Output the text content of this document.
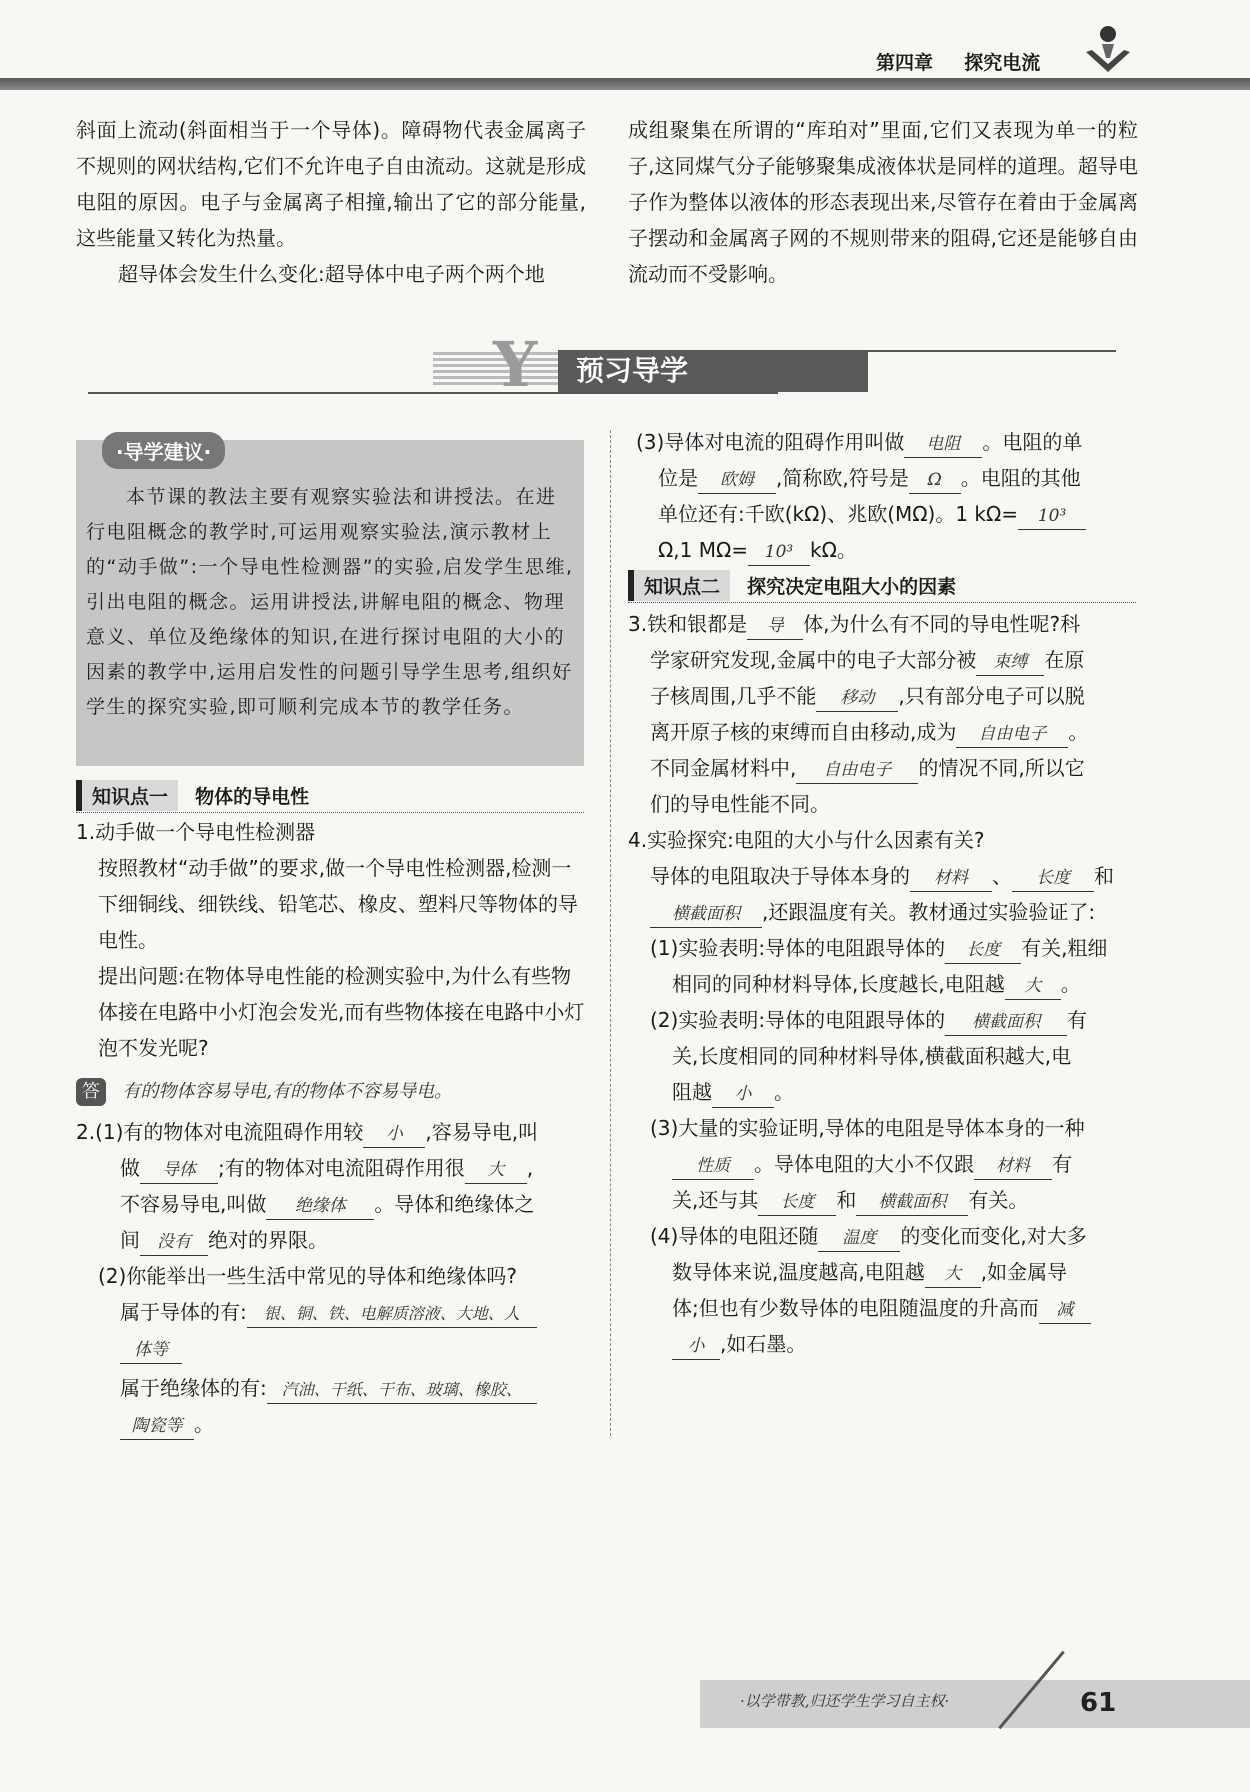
第四章 探究电流
斜面上流动(斜面相当于一个导体)。障碍物代表金属离子不规则的网状结构,它们不允许电子自由流动。这就是形成电阻的原因。电子与金属离子相撞,输出了它的部分能量,这些能量又转化为热量。
超导体会发生什么变化:超导体中电子两个两个地
成组聚集在所谓的“库珀对”里面,它们又表现为单一的粒子,这同煤气分子能够聚集成液体状是同样的道理。超导电子作为整体以液体的形态表现出来,尽管存在着由于金属离子摆动和金属离子网的不规则带来的阻碍,它还是能够自由流动而不受影响。
Y	预习导学
·导学建议·
本节课的教法主要有观察实验法和讲授法。在进行电阻概念的教学时,可运用观察实验法,演示教材上的“动手做”:一个导电性检测器”的实验,启发学生思维,引出电阻的概念。运用讲授法,讲解电阻的概念、物理意义、单位及绝缘体的知识,在进行探讨电阻的大小的因素的教学中,运用启发性的问题引导学生思考,组织好学生的探究实验,即可顺利完成本节的教学任务。
知识点一 物体的导电性
1.动手做一个导电性检测器
按照教材“动手做”的要求,做一个导电性检测器,检测一下细铜线、细铁线、铅笔芯、橡皮、塑料尺等物体的导电性。
提出问题:在物体导电性能的检测实验中,为什么有些物体接在电路中小灯泡会发光,而有些物体接在电路中小灯泡不发光呢?
答 有的物体容易导电,有的物体不容易导电。
2.(1)有的物体对电流阻碍作用较 小 ,容易导电,叫
做 导体 ;有的物体对电流阻碍作用很 大 ,
不容易导电,叫做 绝缘体 。导体和绝缘体之
间 没有 绝对的界限。
(2)你能举出一些生活中常见的导体和绝缘体吗?
属于导体的有: 银、铜、铁、电解质溶液、大地、人
体等
属于绝缘体的有: 汽油、干纸、干布、玻璃、橡胶、
陶瓷等 。
(3)导体对电流的阻碍作用叫做 电阻 。电阻的单
位是 欧姆 ,简称欧,符号是 Ω 。电阻的其他
单位还有:千欧(kΩ)、兆欧(MΩ)。1 kΩ= 10³
Ω,1 MΩ= 10³ kΩ。
知识点二 探究决定电阻大小的因素
3.铁和银都是 导 体,为什么有不同的导电性呢?科
学家研究发现,金属中的电子大部分被 束缚 在原
子核周围,几乎不能 移动 ,只有部分电子可以脱
离开原子核的束缚而自由移动,成为 自由电子 。
不同金属材料中, 自由电子 的情况不同,所以它
们的导电性能不同。
4.实验探究:电阻的大小与什么因素有关?
导体的电阻取决于导体本身的 材料 、 长度 和
横截面积 ,还跟温度有关。教材通过实验验证了:
(1)实验表明:导体的电阻跟导体的 长度 有关,粗细
相同的同种材料导体,长度越长,电阻越 大 。
(2)实验表明:导体的电阻跟导体的 横截面积 有
关,长度相同的同种材料导体,横截面积越大,电
阻越 小 。
(3)大量的实验证明,导体的电阻是导体本身的一种
性质 。导体电阻的大小不仅跟 材料 有
关,还与其 长度 和 横截面积 有关。
(4)导体的电阻还随 温度 的变化而变化,对大多
数导体来说,温度越高,电阻越 大 ,如金属导
体;但也有少数导体的电阻随温度的升高而 减
小 ,如石墨。
·以学带教,归还学生学习自主权·	61
